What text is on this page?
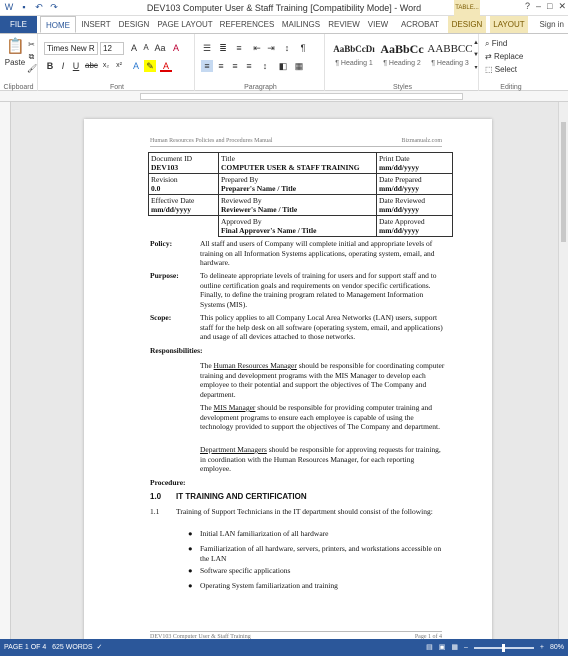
W	▪	↶ ↷	DEV103 Computer User & Staff Training [Compatibility Mode] - Word	TABLE...	? – □ ✕
FILE	HOME	INSERT	DESIGN	PAGE LAYOUT REFERENCES MAILINGS	REVIEW VIEW	ACROBAT	DESIGN	LAYOUT	Sign in
📋
Paste
✂
⧉
🖌
Clipboard
Times New R	12	A A Aa A
B I U abc x₂ x²	A ✎	A
Font
☰ ≣	≡	⇤ ⇥	↕	¶
≡ ≡ ≡ ≡	↕	◧ ▦
Paragraph
AaBbCcDı
¶ Heading 1
AaBbCc
¶ Heading 2
AABBCC
¶ Heading 3
▲
▼
▾
Styles
⌕ Find
⇄ Replace
⬚ Select
Editing
Human Resources Policies and Procedures Manual	Bizmanualz.com
Document ID
DEV103	Title
COMPUTER USER & STAFF TRAINING	Print Date
mm/dd/yyyy
Revision
0.0	Prepared By
Preparer's Name / Title	Date Prepared
mm/dd/yyyy
Effective Date
mm/dd/yyyy	Reviewed By
Reviewer's Name / Title	Date Reviewed
mm/dd/yyyy
	Approved By
Final Approver's Name / Title	Date Approved
mm/dd/yyyy
Policy:	All staff and users of Company will complete initial and appropriate levels of training on all Information Systems applications, operating system, email, and hardware.
Purpose:	To delineate appropriate levels of training for users and for support staff and to outline certification goals and requirements on vendor specific certifications. Finally, to define the training program related to Management Information Systems (MIS).
Scope:	This policy applies to all Company Local Area Networks (LAN) users, support staff for the help desk on all software (operating system, email, and applications) and usage of all devices attached to those networks.
Responsibilities:
The Human Resources Manager should be responsible for coordinating computer training and development programs with the MIS Manager to develop each employee to their potential and support the objectives of The Company and department.
The MIS Manager should be responsible for providing computer training and development programs to ensure each employee is capable of using the technology provided to support the objectives of The Company and department.
Department Managers should be responsible for approving requests for training, in coordination with the Human Resources Manager, for each reporting employee.
Procedure:
1.0 IT TRAINING AND CERTIFICATION
1.1 Training of Support Technicians in the IT department should consist of the following:
● Initial LAN familiarization of all hardware
● Familiarization of all hardware, servers, printers, and workstations accessible on the LAN
● Software specific applications
● Operating System familiarization and training
DEV103 Computer User & Staff Training	Page 1 of 4
PAGE 1 OF 4 625 WORDS  ✓	▤ ▣ ▦ –	+ 80%
